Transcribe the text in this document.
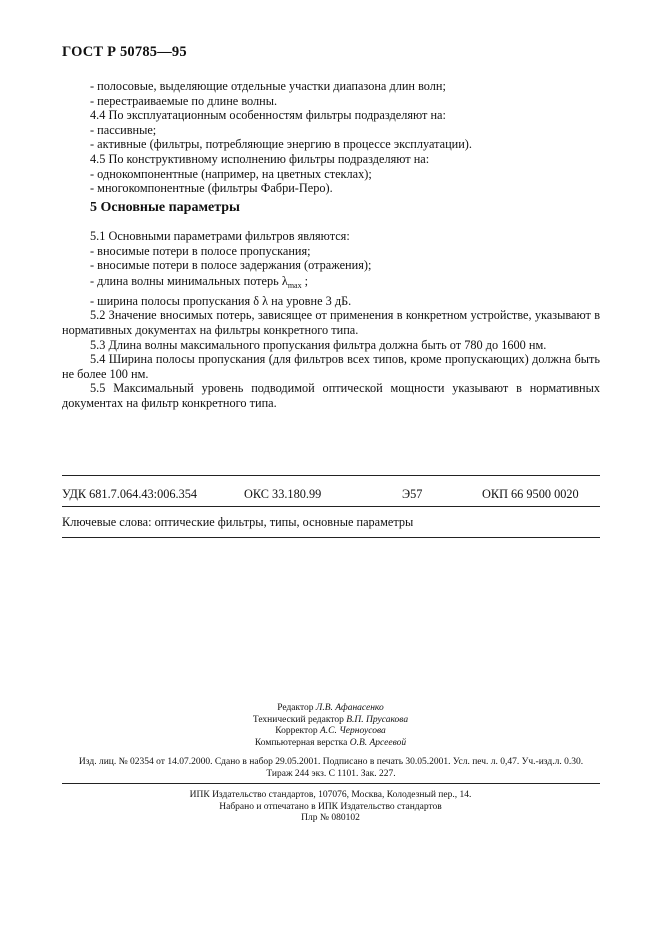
ГОСТ Р 50785—95
- полосовые, выделяющие отдельные участки диапазона длин волн;
- перестраиваемые по длине волны.
4.4 По эксплуатационным особенностям фильтры подразделяют на:
- пассивные;
- активные (фильтры, потребляющие энергию в процессе эксплуатации).
4.5 По конструктивному исполнению фильтры подразделяют на:
- однокомпонентные (например, на цветных стеклах);
- многокомпонентные (фильтры Фабри-Перо).
5 Основные параметры
5.1 Основными параметрами фильтров являются:
- вносимые потери в полосе пропускания;
- вносимые потери в полосе задержания (отражения);
- длина волны минимальных потерь $\lambda_{max}$ ;
- ширина полосы пропускания δ λ на уровне 3 дБ.
5.2 Значение вносимых потерь, зависящее от применения в конкретном устройстве, указывают в нормативных документах на фильтры конкретного типа.
5.3 Длина волны максимального пропускания фильтра должна быть от 780 до 1600 нм.
5.4 Ширина полосы пропускания (для фильтров всех типов, кроме пропускающих) должна быть не более 100 нм.
5.5 Максимальный уровень подводимой оптической мощности указывают в нормативных документах на фильтр конкретного типа.
УДК 681.7.064.43:006.354	ОКС 33.180.99	Э57	ОКП 66 9500 0020
Ключевые слова: оптические фильтры, типы, основные параметры
Редактор Л.В. Афанасенко
Технический редактор В.П. Прусакова
Корректор А.С. Черноусова
Компьютерная верстка О.В. Арсеевой
Изд. лиц. № 02354 от 14.07.2000. Сдано в набор 29.05.2001. Подписано в печать 30.05.2001. Усл. печ. л. 0,47. Уч.-изд.л. 0.30.
Тираж 244 экз. С 1101. Зак. 227.
ИПК Издательство стандартов, 107076, Москва, Колодезный пер., 14.
Набрано и отпечатано в ИПК Издательство стандартов
Плр № 080102
